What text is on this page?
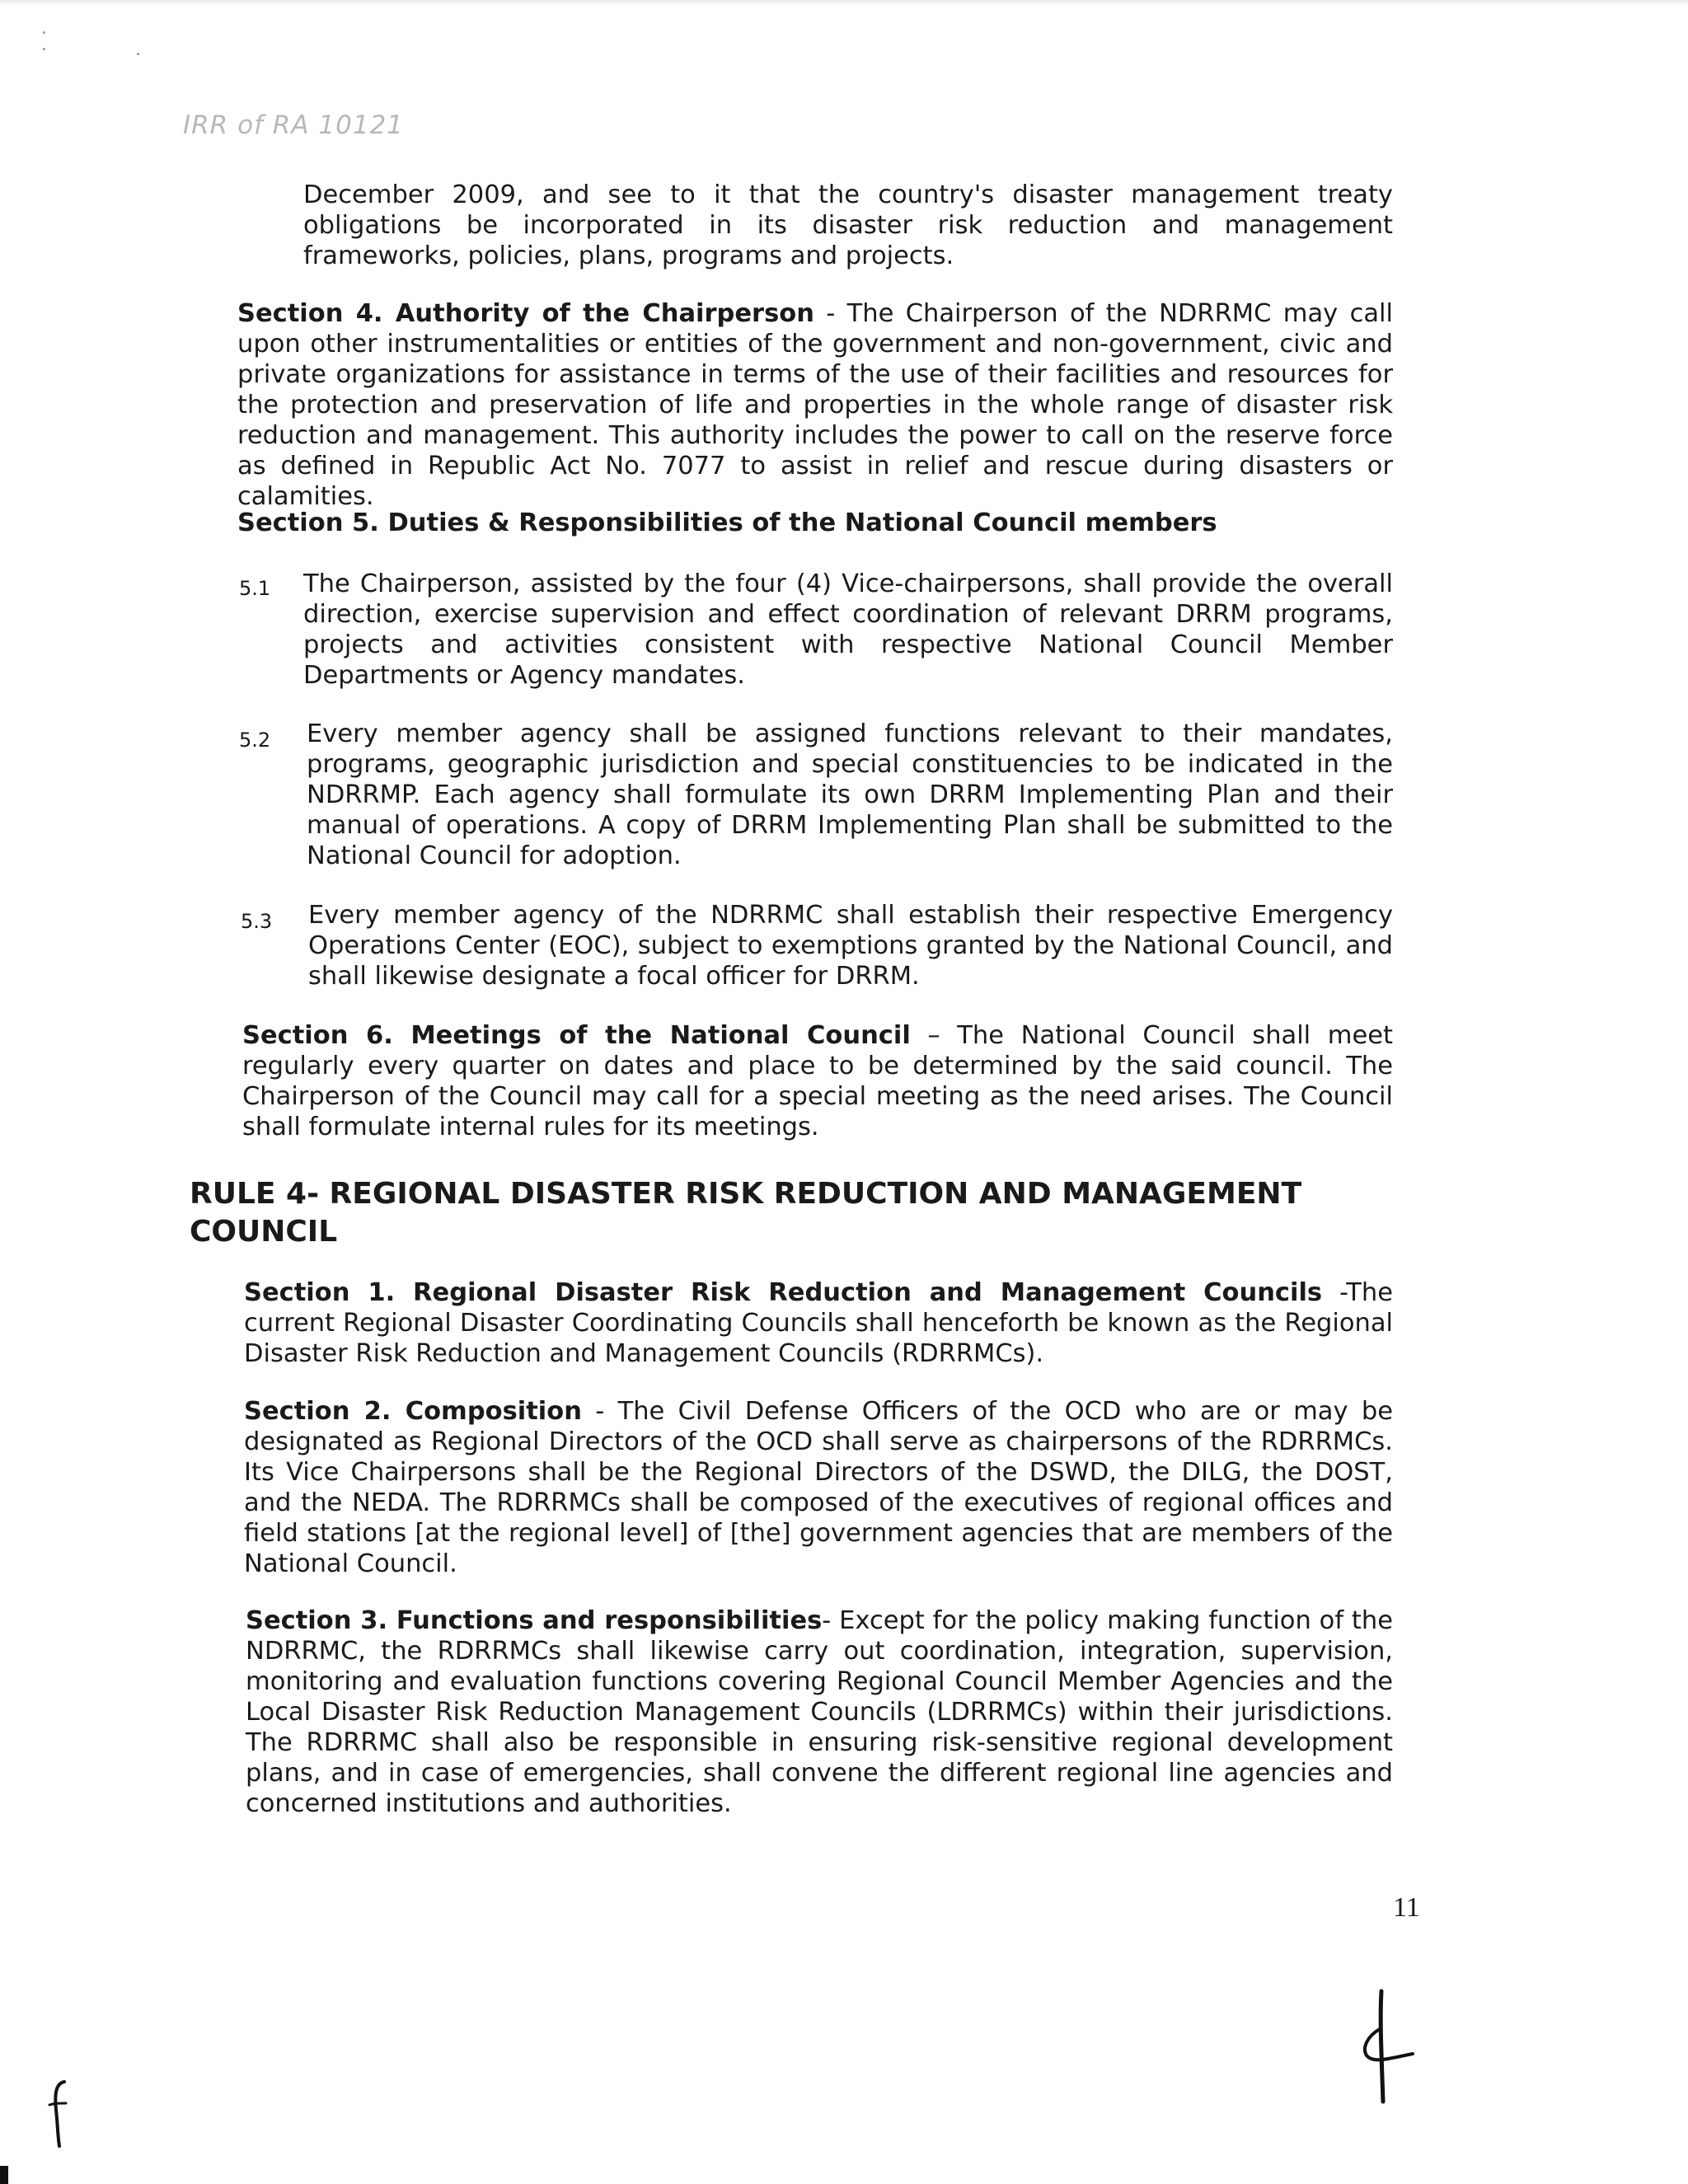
IRR of RA 10121

December 2009, and see to it that the country's disaster management treaty obligations be incorporated in its disaster risk reduction and management frameworks, policies, plans, programs and projects.

Section 4. Authority of the Chairperson - The Chairperson of the NDRRMC may call upon other instrumentalities or entities of the government and non-government, civic and private organizations for assistance in terms of the use of their facilities and resources for the protection and preservation of life and properties in the whole range of disaster risk reduction and management. This authority includes the power to call on the reserve force as defined in Republic Act No. 7077 to assist in relief and rescue during disasters or calamities.

Section 5. Duties & Responsibilities of the National Council members

5.1 The Chairperson, assisted by the four (4) Vice-chairpersons, shall provide the overall direction, exercise supervision and effect coordination of relevant DRRM programs, projects and activities consistent with respective National Council Member Departments or Agency mandates.

5.2 Every member agency shall be assigned functions relevant to their mandates, programs, geographic jurisdiction and special constituencies to be indicated in the NDRRMP. Each agency shall formulate its own DRRM Implementing Plan and their manual of operations. A copy of DRRM Implementing Plan shall be submitted to the National Council for adoption.

5.3 Every member agency of the NDRRMC shall establish their respective Emergency Operations Center (EOC), subject to exemptions granted by the National Council, and shall likewise designate a focal officer for DRRM.

Section 6. Meetings of the National Council – The National Council shall meet regularly every quarter on dates and place to be determined by the said council. The Chairperson of the Council may call for a special meeting as the need arises. The Council shall formulate internal rules for its meetings.

RULE 4- REGIONAL DISASTER RISK REDUCTION AND MANAGEMENT COUNCIL

Section 1. Regional Disaster Risk Reduction and Management Councils -The current Regional Disaster Coordinating Councils shall henceforth be known as the Regional Disaster Risk Reduction and Management Councils (RDRRMCs).

Section 2. Composition - The Civil Defense Officers of the OCD who are or may be designated as Regional Directors of the OCD shall serve as chairpersons of the RDRRMCs. Its Vice Chairpersons shall be the Regional Directors of the DSWD, the DILG, the DOST, and the NEDA. The RDRRMCs shall be composed of the executives of regional offices and field stations [at the regional level] of [the] government agencies that are members of the National Council.

Section 3. Functions and responsibilities- Except for the policy making function of the NDRRMC, the RDRRMCs shall likewise carry out coordination, integration, supervision, monitoring and evaluation functions covering Regional Council Member Agencies and the Local Disaster Risk Reduction Management Councils (LDRRMCs) within their jurisdictions. The RDRRMC shall also be responsible in ensuring risk-sensitive regional development plans, and in case of emergencies, shall convene the different regional line agencies and concerned institutions and authorities.

11
